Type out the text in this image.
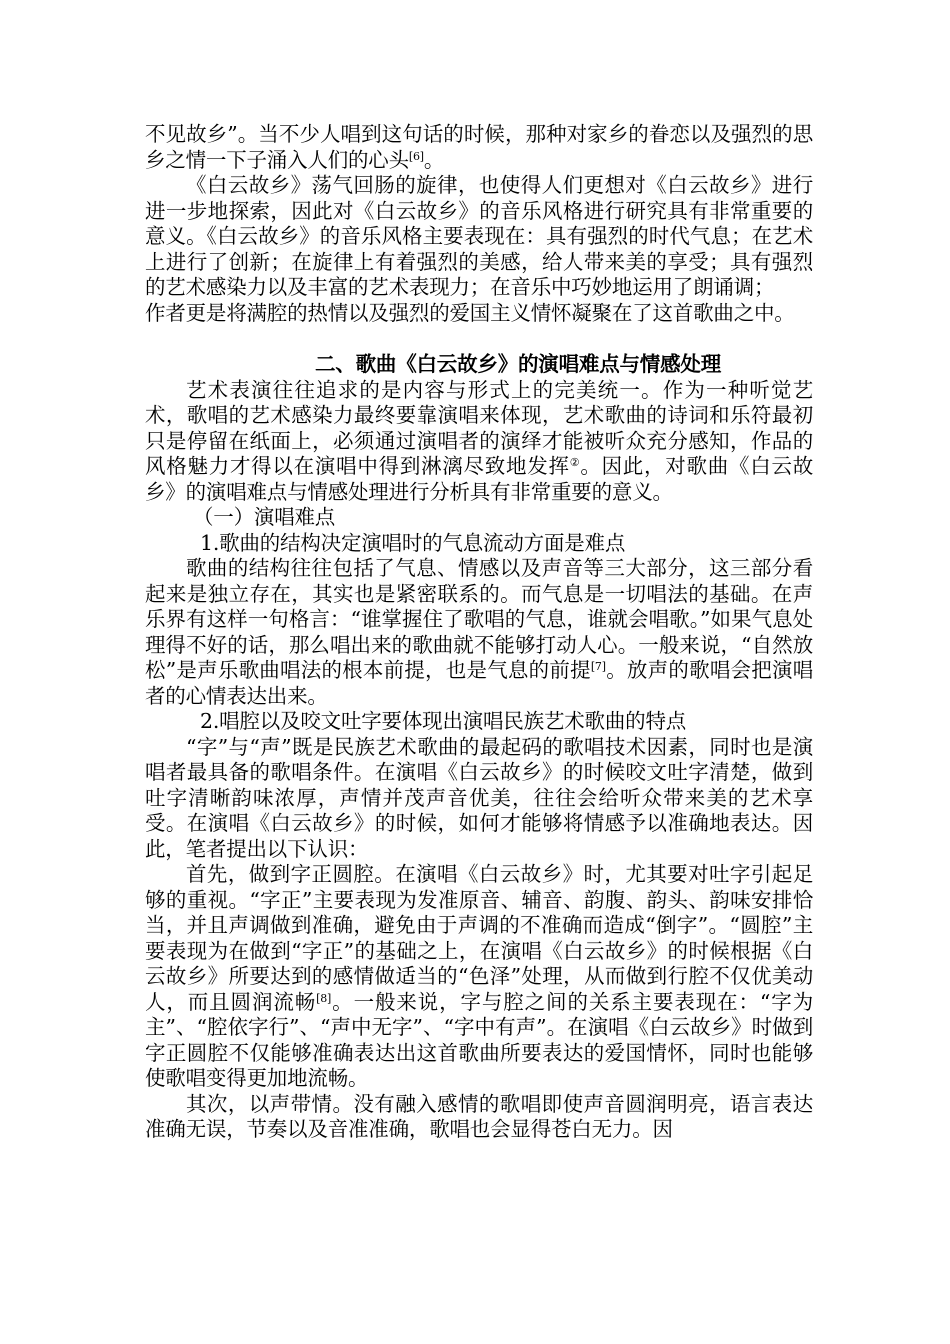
不见故乡”。当不少人唱到这句话的时候，那种对家乡的眷恋以及强烈的思乡之情一下子涌入人们的心头[6]。

《白云故乡》荡气回肠的旋律，也使得人们更想对《白云故乡》进行进一步地探索，因此对《白云故乡》的音乐风格进行研究具有非常重要的意义。《白云故乡》的音乐风格主要表现在：具有强烈的时代气息；在艺术上进行了创新；在旋律上有着强烈的美感，给人带来美的享受；具有强烈的艺术感染力以及丰富的艺术表现力；在音乐中巧妙地运用了朗诵调；

作者更是将满腔的热情以及强烈的爱国主义情怀凝聚在了这首歌曲之中。

二、歌曲《白云故乡》的演唱难点与情感处理

艺术表演往往追求的是内容与形式上的完美统一。作为一种听觉艺术，歌唱的艺术感染力最终要靠演唱来体现，艺术歌曲的诗词和乐符最初只是停留在纸面上，必须通过演唱者的演绎才能被听众充分感知，作品的风格魅力才得以在演唱中得到淋漓尽致地发挥②。因此，对歌曲《白云故乡》的演唱难点与情感处理进行分析具有非常重要的意义。

（一）演唱难点

1.歌曲的结构决定演唱时的气息流动方面是难点

歌曲的结构往往包括了气息、情感以及声音等三大部分，这三部分看起来是独立存在，其实也是紧密联系的。而气息是一切唱法的基础。在声乐界有这样一句格言：“谁掌握住了歌唱的气息，谁就会唱歌。”如果气息处理得不好的话，那么唱出来的歌曲就不能够打动人心。一般来说，“自然放松”是声乐歌曲唱法的根本前提，也是气息的前提[7]。放声的歌唱会把演唱者的心情表达出来。

2.唱腔以及咬文吐字要体现出演唱民族艺术歌曲的特点

“字”与“声”既是民族艺术歌曲的最起码的歌唱技术因素，同时也是演唱者最具备的歌唱条件。在演唱《白云故乡》的时候咬文吐字清楚，做到吐字清晰韵味浓厚，声情并茂声音优美，往往会给听众带来美的艺术享受。在演唱《白云故乡》的时候，如何才能够将情感予以准确地表达。因此，笔者提出以下认识：

首先，做到字正圆腔。在演唱《白云故乡》时，尤其要对吐字引起足够的重视。“字正”主要表现为发准原音、辅音、韵腹、韵头、韵味安排恰当，并且声调做到准确，避免由于声调的不准确而造成“倒字”。“圆腔”主要表现为在做到“字正”的基础之上，在演唱《白云故乡》的时候根据《白云故乡》所要达到的感情做适当的“色泽”处理，从而做到行腔不仅优美动人，而且圆润流畅[8]。一般来说，字与腔之间的关系主要表现在：“字为主”、“腔依字行”、“声中无字”、“字中有声”。在演唱《白云故乡》时做到字正圆腔不仅能够准确表达出这首歌曲所要表达的爱国情怀，同时也能够使歌唱变得更加地流畅。

其次，以声带情。没有融入感情的歌唱即使声音圆润明亮，语言表达准确无误，节奏以及音准准确，歌唱也会显得苍白无力。因
